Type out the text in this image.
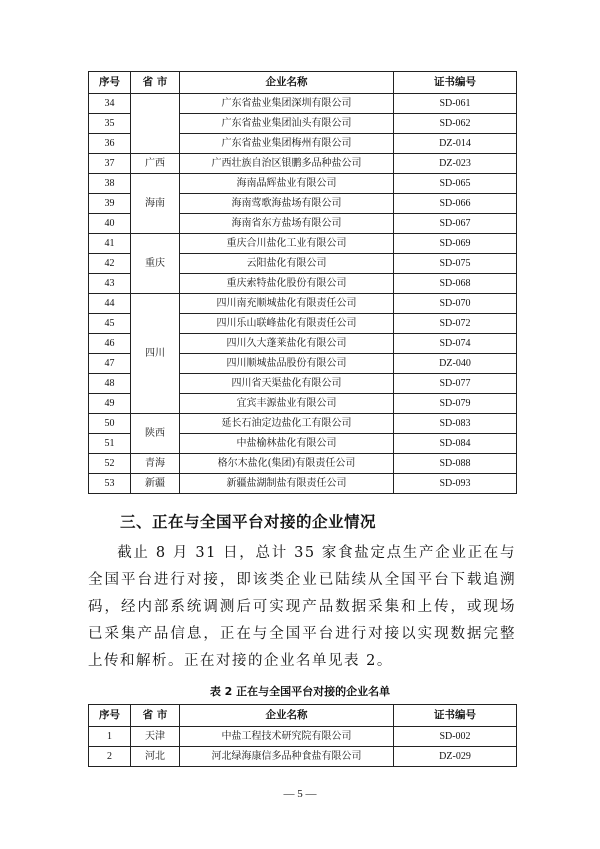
序号	省 市	企业名称	证书编号
34		广东省盐业集团深圳有限公司	SD-061
35		广东省盐业集团汕头有限公司	SD-062
36		广东省盐业集团梅州有限公司	DZ-014
37	广西	广西壮族自治区银鹏多品种盐公司	DZ-023
38	海南	海南晶辉盐业有限公司	SD-065
39		海南莺歌海盐场有限公司	SD-066
40		海南省东方盐场有限公司	SD-067
41	重庆	重庆合川盐化工业有限公司	SD-069
42		云阳盐化有限公司	SD-075
43		重庆索特盐化股份有限公司	SD-068
44	四川	四川南充顺城盐化有限责任公司	SD-070
45		四川乐山联峰盐化有限责任公司	SD-072
46		四川久大蓬莱盐化有限公司	SD-074
47		四川顺城盐品股份有限公司	DZ-040
48		四川省天渠盐化有限公司	SD-077
49		宜宾丰源盐业有限公司	SD-079
50	陕西	延长石油定边盐化工有限公司	SD-083
51		中盐榆林盐化有限公司	SD-084
52	青海	格尔木盐化(集团)有限责任公司	SD-088
53	新疆	新疆盐湖制盐有限责任公司	SD-093
三、正在与全国平台对接的企业情况
截止 8 月 31 日，总计 35 家食盐定点生产企业正在与全国平台进行对接，即该类企业已陆续从全国平台下载追溯码，经内部系统调测后可实现产品数据采集和上传，或现场已采集产品信息，正在与全国平台进行对接以实现数据完整上传和解析。正在对接的企业名单见表 2。
表 2 正在与全国平台对接的企业名单
序号	省 市	企业名称	证书编号
1	天津	中盐工程技术研究院有限公司	SD-002
2	河北	河北绿海康信多品种食盐有限公司	DZ-029
— 5 —
